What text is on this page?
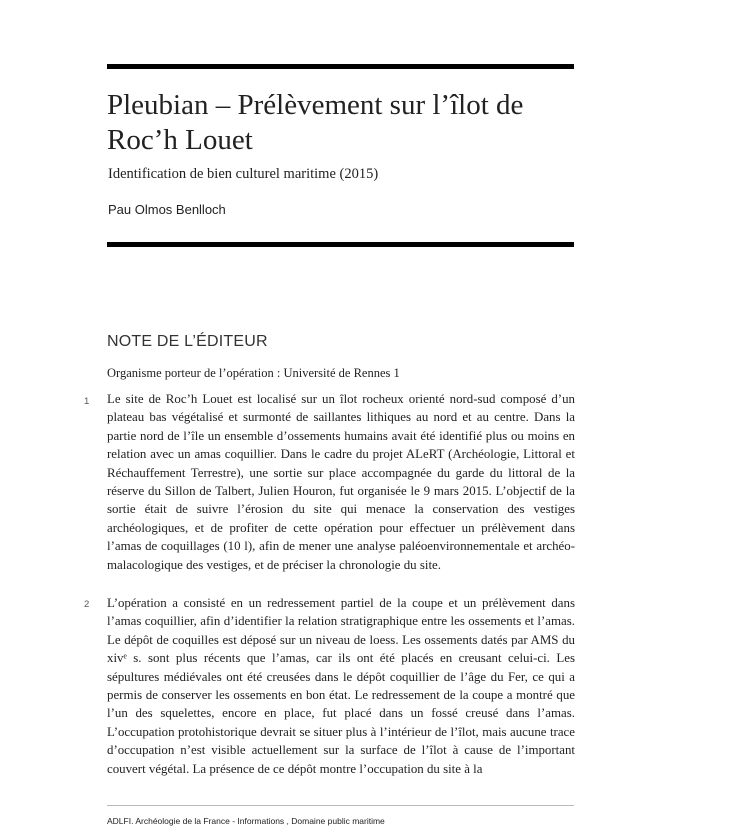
Pleubian – Prélèvement sur l’îlot de Roc’h Louet
Identification de bien culturel maritime (2015)
Pau Olmos Benlloch
NOTE DE L’ÉDITEUR
Organisme porteur de l’opération : Université de Rennes 1
1	Le site de Roc’h Louet est localisé sur un îlot rocheux orienté nord-sud composé d’un plateau bas végétalisé et surmonté de saillantes lithiques au nord et au centre. Dans la partie nord de l’île un ensemble d’ossements humains avait été identifié plus ou moins en relation avec un amas coquillier. Dans le cadre du projet ALeRT (Archéologie, Littoral et Réchauffement Terrestre), une sortie sur place accompagnée du garde du littoral de la réserve du Sillon de Talbert, Julien Houron, fut organisée le 9 mars 2015. L’objectif de la sortie était de suivre l’érosion du site qui menace la conservation des vestiges archéologiques, et de profiter de cette opération pour effectuer un prélèvement dans l’amas de coquillages (10 l), afin de mener une analyse paléoenvironnementale et archéo-malacologique des vestiges, et de préciser la chronologie du site.

2	L’opération a consisté en un redressement partiel de la coupe et un prélèvement dans l’amas coquillier, afin d’identifier la relation stratigraphique entre les ossements et l’amas. Le dépôt de coquilles est déposé sur un niveau de loess. Les ossements datés par AMS du xivᵉ s. sont plus récents que l’amas, car ils ont été placés en creusant celui-ci. Les sépultures médiévales ont été creusées dans le dépôt coquillier de l’âge du Fer, ce qui a permis de conserver les ossements en bon état. Le redressement de la coupe a montré que l’un des squelettes, encore en place, fut placé dans un fossé creusé dans l’amas. L’occupation protohistorique devrait se situer plus à l’intérieur de l’îlot, mais aucune trace d’occupation n’est visible actuellement sur la surface de l’îlot à cause de l’important couvert végétal. La présence de ce dépôt montre l’occupation du site à la

ADLFI. Archéologie de la France - Informations , Domaine public maritime
